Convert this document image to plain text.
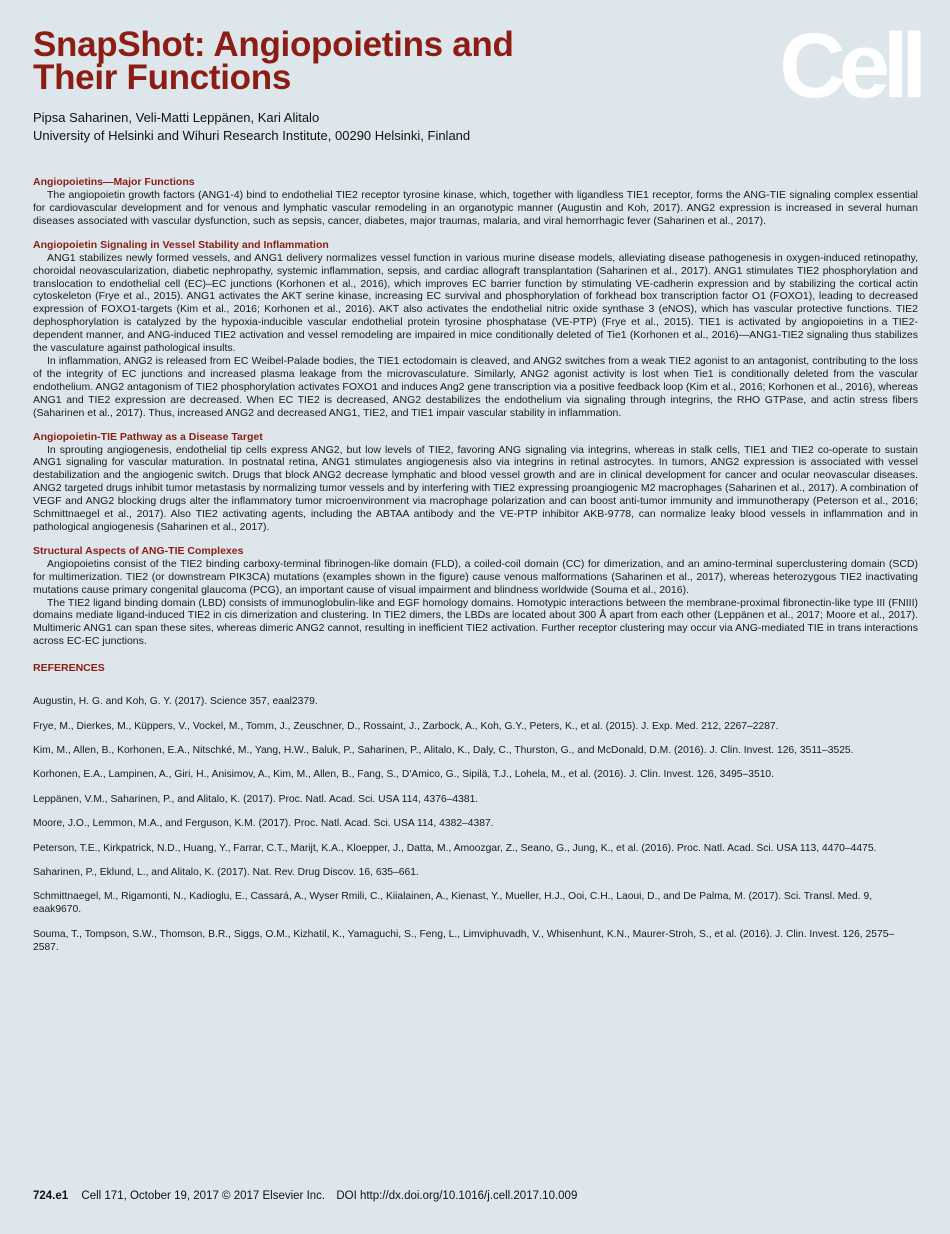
SnapShot: Angiopoietins and
Their Functions
Pipsa Saharinen, Veli-Matti Leppänen, Kari Alitalo
University of Helsinki and Wihuri Research Institute, 00290 Helsinki, Finland
Cell
Angiopoietins—Major Functions

The angiopoietin growth factors (ANG1-4) bind to endothelial TIE2 receptor tyrosine kinase, which, together with ligandless TIE1 receptor, forms the ANG-TIE signaling complex essential for cardiovascular development and for venous and lymphatic vascular remodeling in an organotypic manner (Augustin and Koh, 2017). ANG2 expression is increased in several human diseases associated with vascular dysfunction, such as sepsis, cancer, diabetes, major traumas, malaria, and viral hemorrhagic fever (Saharinen et al., 2017).

Angiopoietin Signaling in Vessel Stability and Inflammation

ANG1 stabilizes newly formed vessels, and ANG1 delivery normalizes vessel function in various murine disease models, alleviating disease pathogenesis in oxygen-induced retinopathy, choroidal neovascularization, diabetic nephropathy, systemic inflammation, sepsis, and cardiac allograft transplantation (Saharinen et al., 2017). ANG1 stimulates TIE2 phosphorylation and translocation to endothelial cell (EC)–EC junctions (Korhonen et al., 2016), which improves EC barrier function by stimulating VE-cadherin expression and by stabilizing the cortical actin cytoskeleton (Frye et al., 2015). ANG1 activates the AKT serine kinase, increasing EC survival and phosphorylation of forkhead box transcription factor O1 (FOXO1), leading to decreased expression of FOXO1-targets (Kim et al., 2016; Korhonen et al., 2016). AKT also activates the endothelial nitric oxide synthase 3 (eNOS), which has vascular protective functions. TIE2 dephosphorylation is catalyzed by the hypoxia-inducible vascular endothelial protein tyrosine phosphatase (VE-PTP) (Frye et al., 2015). TIE1 is activated by angiopoietins in a TIE2-dependent manner, and ANG-induced TIE2 activation and vessel remodeling are impaired in mice conditionally deleted of Tie1 (Korhonen et al., 2016)—ANG1-TIE2 signaling thus stabilizes the vasculature against pathological insults.

In inflammation, ANG2 is released from EC Weibel-Palade bodies, the TIE1 ectodomain is cleaved, and ANG2 switches from a weak TIE2 agonist to an antagonist, contributing to the loss of the integrity of EC junctions and increased plasma leakage from the microvasculature. Similarly, ANG2 agonist activity is lost when Tie1 is conditionally deleted from the vascular endothelium. ANG2 antagonism of TIE2 phosphorylation activates FOXO1 and induces Ang2 gene transcription via a positive feedback loop (Kim et al., 2016; Korhonen et al., 2016), whereas ANG1 and TIE2 expression are decreased. When EC TIE2 is decreased, ANG2 destabilizes the endothelium via signaling through integrins, the RHO GTPase, and actin stress fibers (Saharinen et al., 2017). Thus, increased ANG2 and decreased ANG1, TIE2, and TIE1 impair vascular stability in inflammation.

Angiopoietin-TIE Pathway as a Disease Target

In sprouting angiogenesis, endothelial tip cells express ANG2, but low levels of TIE2, favoring ANG signaling via integrins, whereas in stalk cells, TIE1 and TIE2 co-operate to sustain ANG1 signaling for vascular maturation. In postnatal retina, ANG1 stimulates angiogenesis also via integrins in retinal astrocytes. In tumors, ANG2 expression is associated with vessel destabilization and the angiogenic switch. Drugs that block ANG2 decrease lymphatic and blood vessel growth and are in clinical development for cancer and ocular neovascular diseases. ANG2 targeted drugs inhibit tumor metastasis by normalizing tumor vessels and by interfering with TIE2 expressing proangiogenic M2 macrophages (Saharinen et al., 2017). A combination of VEGF and ANG2 blocking drugs alter the inflammatory tumor microenvironment via macrophage polarization and can boost anti-tumor immunity and immunotherapy (Peterson et al., 2016; Schmittnaegel et al., 2017). Also TIE2 activating agents, including the ABTAA antibody and the VE-PTP inhibitor AKB-9778, can normalize leaky blood vessels in inflammation and in pathological angiogenesis (Saharinen et al., 2017).

Structural Aspects of ANG-TIE Complexes

Angiopoietins consist of the TIE2 binding carboxy-terminal fibrinogen-like domain (FLD), a coiled-coil domain (CC) for dimerization, and an amino-terminal superclustering domain (SCD) for multimerization. TIE2 (or downstream PIK3CA) mutations (examples shown in the figure) cause venous malformations (Saharinen et al., 2017), whereas heterozygous TIE2 inactivating mutations cause primary congenital glaucoma (PCG), an important cause of visual impairment and blindness worldwide (Souma et al., 2016).

The TIE2 ligand binding domain (LBD) consists of immunoglobulin-like and EGF homology domains. Homotypic interactions between the membrane-proximal fibronectin-like type III (FNIII) domains mediate ligand-induced TIE2 in cis dimerization and clustering. In TIE2 dimers, the LBDs are located about 300 Å apart from each other (Leppänen et al., 2017; Moore et al., 2017). Multimeric ANG1 can span these sites, whereas dimeric ANG2 cannot, resulting in inefficient TIE2 activation. Further receptor clustering may occur via ANG-mediated TIE in trans interactions across EC-EC junctions.

REFERENCES

Augustin, H. G. and Koh, G. Y. (2017). Science 357, eaal2379.

Frye, M., Dierkes, M., Küppers, V., Vockel, M., Tomm, J., Zeuschner, D., Rossaint, J., Zarbock, A., Koh, G.Y., Peters, K., et al. (2015). J. Exp. Med. 212, 2267–2287.

Kim, M., Allen, B., Korhonen, E.A., Nitschké, M., Yang, H.W., Baluk, P., Saharinen, P., Alitalo, K., Daly, C., Thurston, G., and McDonald, D.M. (2016). J. Clin. Invest. 126, 3511–3525.

Korhonen, E.A., Lampinen, A., Giri, H., Anisimov, A., Kim, M., Allen, B., Fang, S., D'Amico, G., Sipilä, T.J., Lohela, M., et al. (2016). J. Clin. Invest. 126, 3495–3510.

Leppänen, V.M., Saharinen, P., and Alitalo, K. (2017). Proc. Natl. Acad. Sci. USA 114, 4376–4381.

Moore, J.O., Lemmon, M.A., and Ferguson, K.M. (2017). Proc. Natl. Acad. Sci. USA 114, 4382–4387.

Peterson, T.E., Kirkpatrick, N.D., Huang, Y., Farrar, C.T., Marijt, K.A., Kloepper, J., Datta, M., Amoozgar, Z., Seano, G., Jung, K., et al. (2016). Proc. Natl. Acad. Sci. USA 113, 4470–4475.

Saharinen, P., Eklund, L., and Alitalo, K. (2017). Nat. Rev. Drug Discov. 16, 635–661.

Schmittnaegel, M., Rigamonti, N., Kadioglu, E., Cassará, A., Wyser Rmili, C., Kiialainen, A., Kienast, Y., Mueller, H.J., Ooi, C.H., Laoui, D., and De Palma, M. (2017). Sci. Transl. Med. 9, eaak9670.

Souma, T., Tompson, S.W., Thomson, B.R., Siggs, O.M., Kizhatil, K., Yamaguchi, S., Feng, L., Limviphuvadh, V., Whisenhunt, K.N., Maurer-Stroh, S., et al. (2016). J. Clin. Invest. 126, 2575–2587.

724.e1 Cell 171, October 19, 2017 © 2017 Elsevier Inc. DOI http://dx.doi.org/10.1016/j.cell.2017.10.009
